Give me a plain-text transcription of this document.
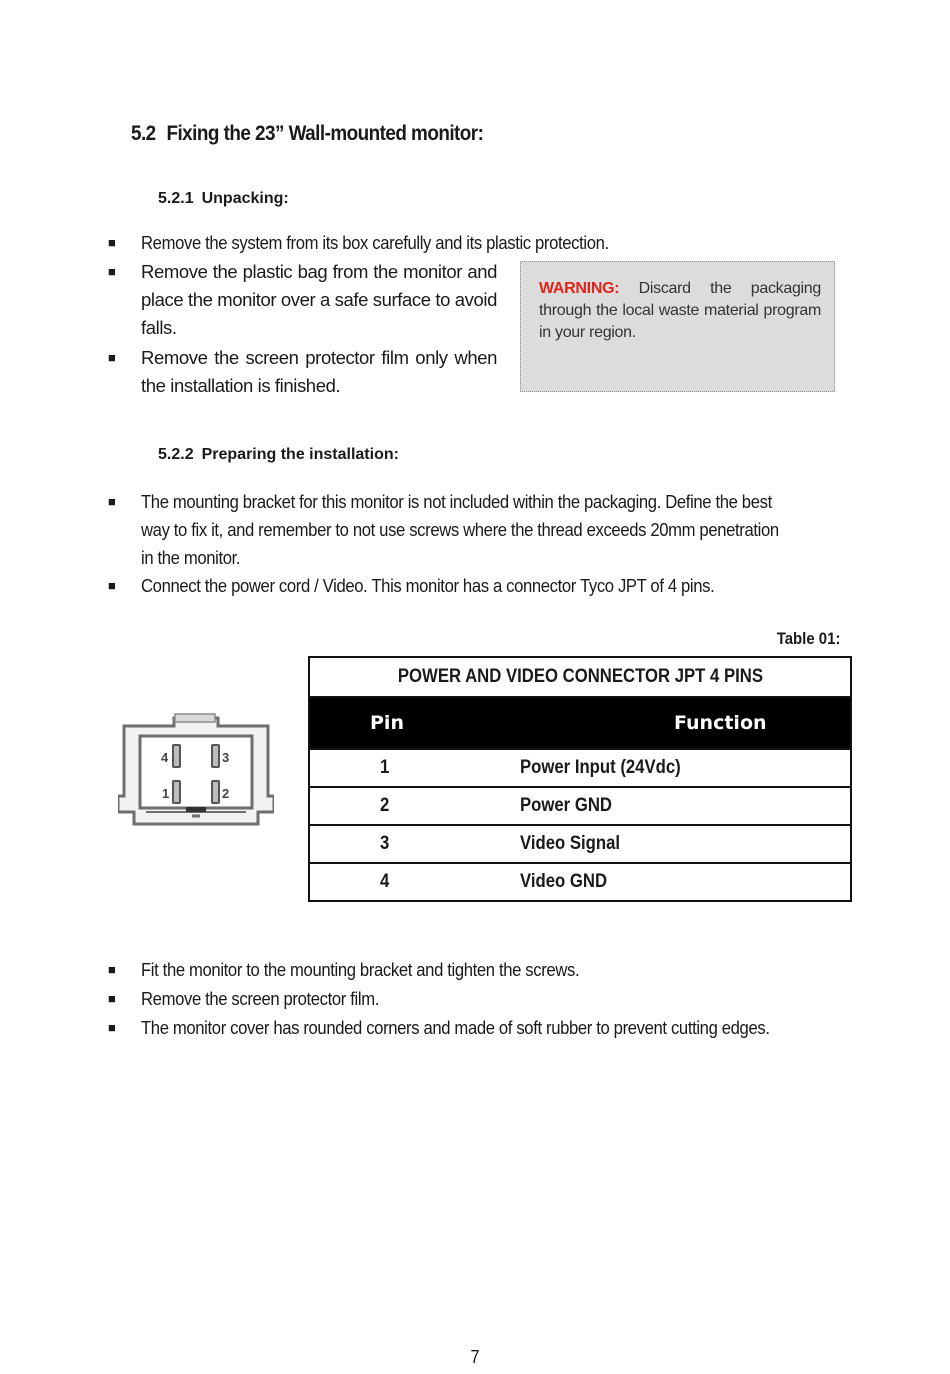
5.2 Fixing the 23” Wall-mounted monitor:
5.2.1 Unpacking:
■ Remove the system from its box carefully and its plastic protection.
■ Remove the plastic bag from the monitor and
place the monitor over a safe surface to avoid
falls.
■ Remove the screen protector film only when
the installation is finished.
WARNING: Discard the packaging through the local waste material program in your region.
5.2.2 Preparing the installation:
■ The mounting bracket for this monitor is not included within the packaging. Define the best
way to fix it, and remember to not use screws where the thread exceeds 20mm penetration
in the monitor.
■ Connect the power cord / Video. This monitor has a connector Tyco JPT of 4 pins.
Table 01:
4	3
1	2
POWER AND VIDEO CONNECTOR JPT 4 PINS	
Pin	Function
1	Power Input (24Vdc)
2	Power GND
3	Video Signal
4	Video GND
■ Fit the monitor to the mounting bracket and tighten the screws.
■ Remove the screen protector film.
■ The monitor cover has rounded corners and made of soft rubber to prevent cutting edges.
7
